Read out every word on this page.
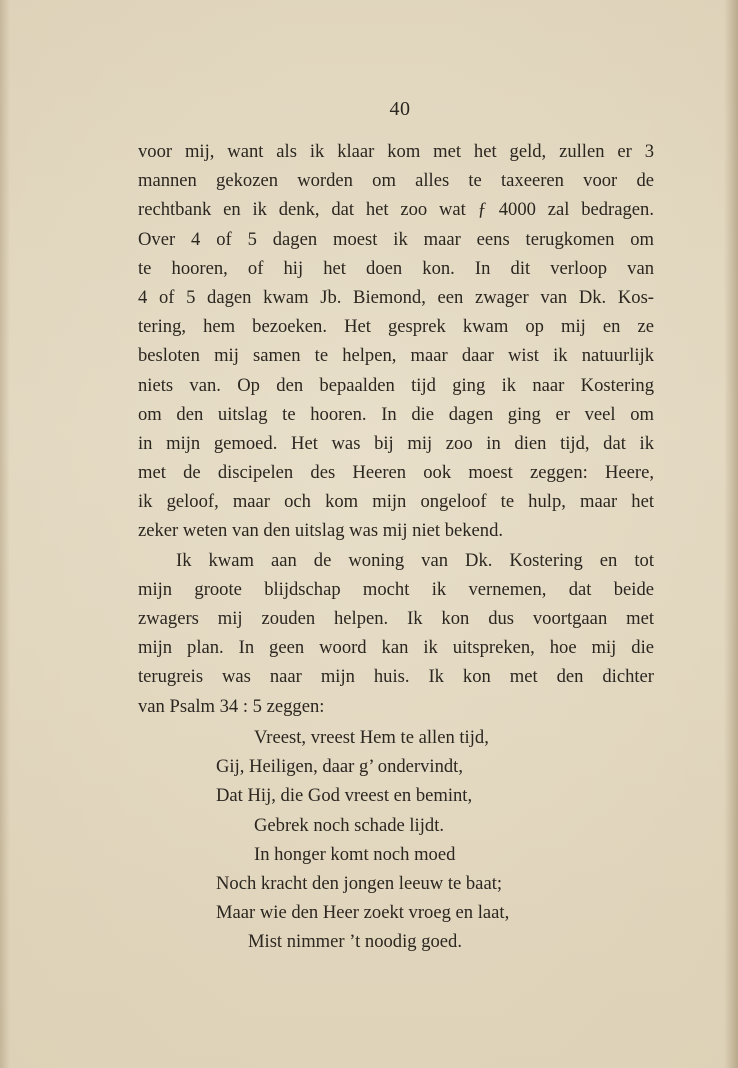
40
voor mij, want als ik klaar kom met het geld, zullen er 3
mannen gekozen worden om alles te taxeeren voor de
rechtbank en ik denk, dat het zoo wat ƒ 4000 zal bedragen.
Over 4 of 5 dagen moest ik maar eens terugkomen om
te hooren, of hij het doen kon. In dit verloop van
4 of 5 dagen kwam Jb. Biemond, een zwager van Dk. Kos-
tering, hem bezoeken. Het gesprek kwam op mij en ze
besloten mij samen te helpen, maar daar wist ik natuurlijk
niets van. Op den bepaalden tijd ging ik naar Kostering
om den uitslag te hooren. In die dagen ging er veel om
in mijn gemoed. Het was bij mij zoo in dien tijd, dat ik
met de discipelen des Heeren ook moest zeggen: Heere,
ik geloof, maar och kom mijn ongeloof te hulp, maar het
zeker weten van den uitslag was mij niet bekend.
Ik kwam aan de woning van Dk. Kostering en tot
mijn groote blijdschap mocht ik vernemen, dat beide
zwagers mij zouden helpen. Ik kon dus voortgaan met
mijn plan. In geen woord kan ik uitspreken, hoe mij die
terugreis was naar mijn huis. Ik kon met den dichter
van Psalm 34 : 5 zeggen:
Vreest, vreest Hem te allen tijd,
Gij, Heiligen, daar g’ ondervindt,
Dat Hij, die God vreest en bemint,
Gebrek noch schade lijdt.
In honger komt noch moed
Noch kracht den jongen leeuw te baat;
Maar wie den Heer zoekt vroeg en laat,
Mist nimmer ’t noodig goed.
